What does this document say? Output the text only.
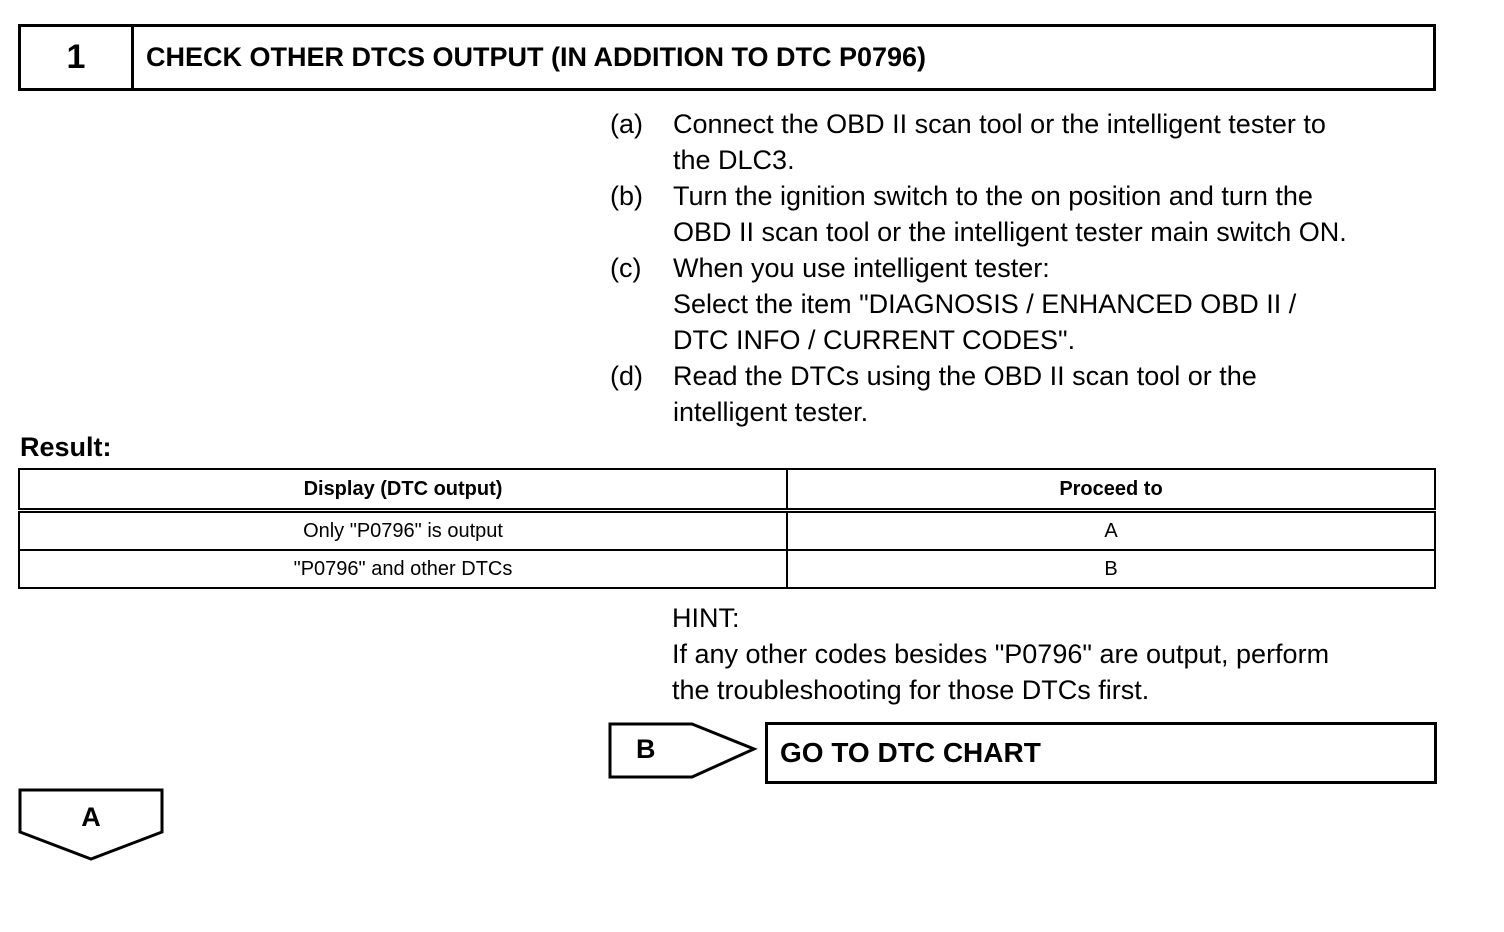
1	CHECK OTHER DTCS OUTPUT (IN ADDITION TO DTC P0796)
(a)	Connect the OBD II scan tool or the intelligent tester to
the DLC3.
(b)	Turn the ignition switch to the on position and turn the
OBD II scan tool or the intelligent tester main switch ON.
(c)	When you use intelligent tester:
Select the item "DIAGNOSIS / ENHANCED OBD II /
DTC INFO / CURRENT CODES".
(d)	Read the DTCs using the OBD II scan tool or the
intelligent tester.
Result:
Display (DTC output)	Proceed to
Only "P0796" is output	A
"P0796" and other DTCs	B
HINT:
If any other codes besides "P0796" are output, perform
the troubleshooting for those DTCs first.
B	GO TO DTC CHART
A
